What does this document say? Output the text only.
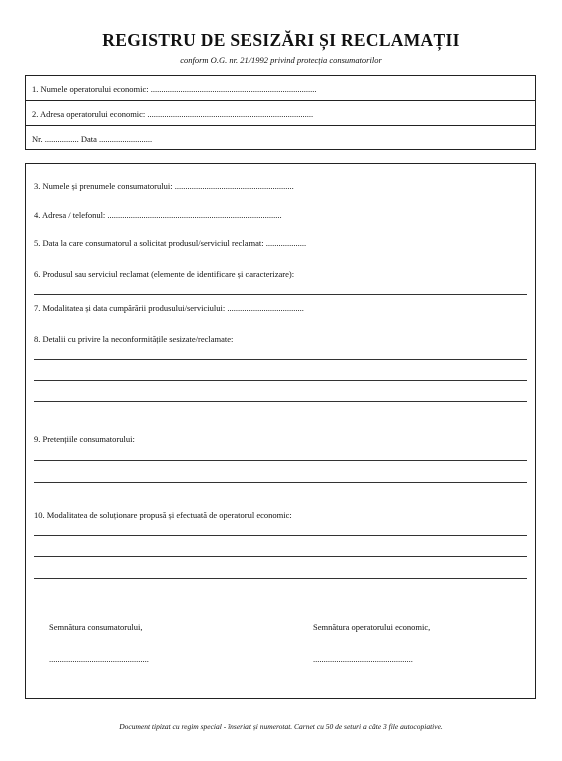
REGISTRU DE SESIZĂRI ȘI RECLAMAȚII
conform O.G. nr. 21/1992 privind protecția consumatorilor
1. Numele operatorului economic: ..............................................................................
2. Adresa operatorului economic: ..............................................................................
Nr. ................ Data .........................
3. Numele și prenumele consumatorului: ........................................................
4. Adresa / telefonul: ..................................................................................
5. Data la care consumatorul a solicitat produsul/serviciul reclamat: ...................
6. Produsul sau serviciul reclamat (elemente de identificare și caracterizare):
7. Modalitatea și data cumpărării produsului/serviciului: ....................................
8. Detalii cu privire la neconformitățile sesizate/reclamate:
9. Pretențiile consumatorului:
10. Modalitatea de soluționare propusă și efectuată de operatorul economic:
Semnătura consumatorului,
...............................................
Semnătura operatorului economic,
...............................................
Document tipizat cu regim special - înseriat și numerotat. Carnet cu 50 de seturi a câte 3 file autocopiative.
